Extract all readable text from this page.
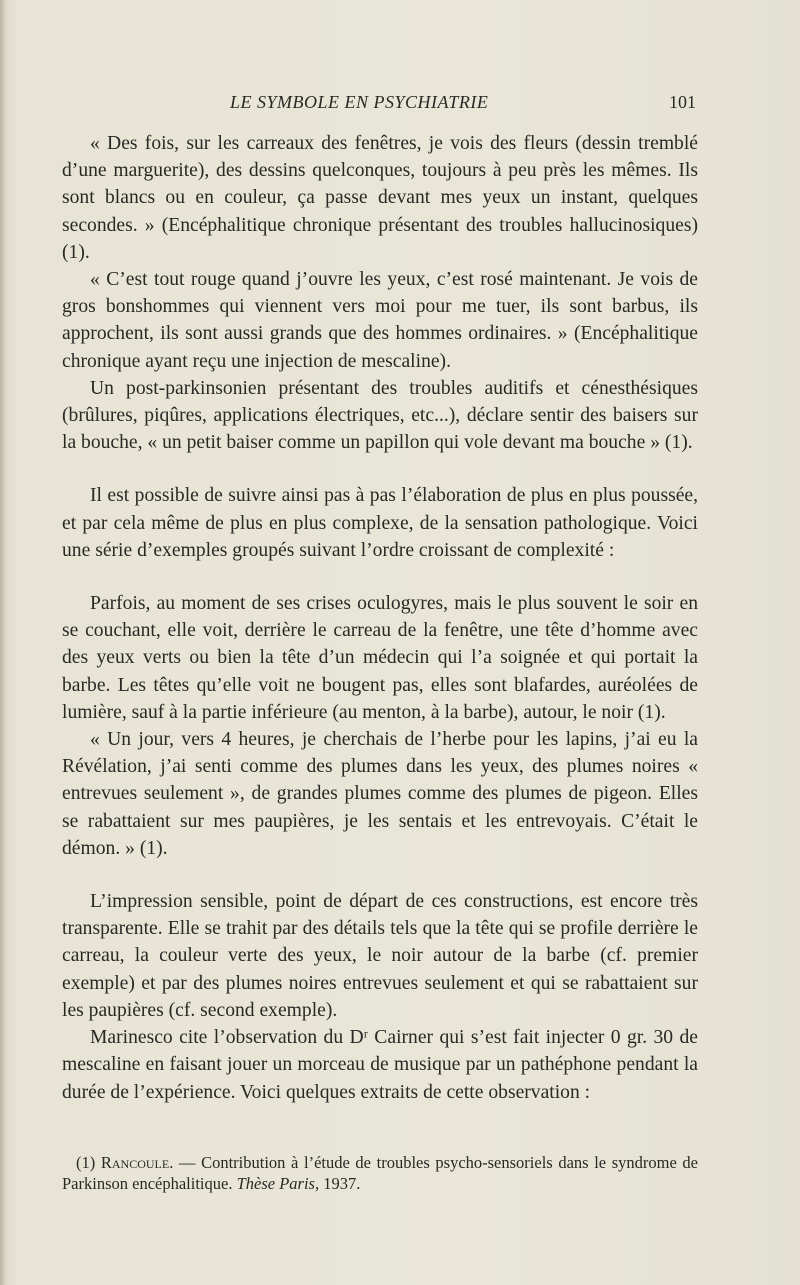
LE SYMBOLE EN PSYCHIATRIE	101

« Des fois, sur les carreaux des fenêtres, je vois des fleurs (dessin tremblé d’une marguerite), des dessins quelconques, toujours à peu près les mêmes. Ils sont blancs ou en couleur, ça passe devant mes yeux un instant, quelques secondes. » (Encéphalitique chronique présentant des troubles hallucinosiques) (1).

« C’est tout rouge quand j’ouvre les yeux, c’est rosé maintenant. Je vois de gros bonshommes qui viennent vers moi pour me tuer, ils sont barbus, ils approchent, ils sont aussi grands que des hommes ordinaires. » (Encéphalitique chronique ayant reçu une injection de mescaline).

Un post-parkinsonien présentant des troubles auditifs et cénesthésiques (brûlures, piqûres, applications électriques, etc...), déclare sentir des baisers sur la bouche, « un petit baiser comme un papillon qui vole devant ma bouche » (1).

Il est possible de suivre ainsi pas à pas l’élaboration de plus en plus poussée, et par cela même de plus en plus complexe, de la sensation pathologique. Voici une série d’exemples groupés suivant l’ordre croissant de complexité :

Parfois, au moment de ses crises oculogyres, mais le plus souvent le soir en se couchant, elle voit, derrière le carreau de la fenêtre, une tête d’homme avec des yeux verts ou bien la tête d’un médecin qui l’a soignée et qui portait la barbe. Les têtes qu’elle voit ne bougent pas, elles sont blafardes, auréolées de lumière, sauf à la partie inférieure (au menton, à la barbe), autour, le noir (1).

« Un jour, vers 4 heures, je cherchais de l’herbe pour les lapins, j’ai eu la Révélation, j’ai senti comme des plumes dans les yeux, des plumes noires « entrevues seulement », de grandes plumes comme des plumes de pigeon. Elles se rabattaient sur mes paupières, je les sentais et les entrevoyais. C’était le démon. » (1).

L’impression sensible, point de départ de ces constructions, est encore très transparente. Elle se trahit par des détails tels que la tête qui se profile derrière le carreau, la couleur verte des yeux, le noir autour de la barbe (cf. premier exemple) et par des plumes noires entrevues seulement et qui se rabattaient sur les paupières (cf. second exemple).

Marinesco cite l’observation du Dʳ Cairner qui s’est fait injecter 0 gr. 30 de mescaline en faisant jouer un morceau de musique par un pathéphone pendant la durée de l’expérience. Voici quelques extraits de cette observation :

(1) Rancoule. — Contribution à l’étude de troubles psycho-sensoriels dans le syndrome de Parkinson encéphalitique. Thèse Paris, 1937.
